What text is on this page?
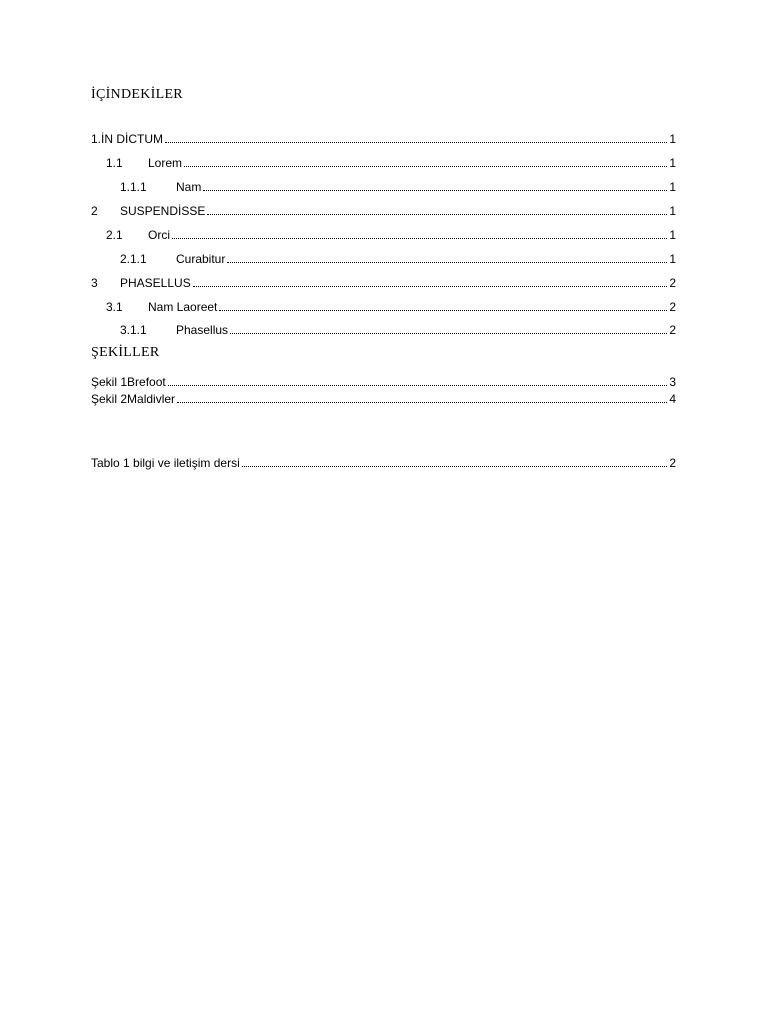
İÇİNDEKİLER
1.İN DİCTUM	1
1.1	Lorem	1
1.1.1	Nam	1
2	SUSPENDİSSE	1
2.1	Orci	1
2.1.1	Curabitur	1
3	PHASELLUS	2
3.1	Nam Laoreet	2
3.1.1	Phasellus	2
ŞEKİLLER
Şekil 1Brefoot	3
Şekil 2Maldivler	4
Tablo 1 bilgi ve iletişim dersi	2
